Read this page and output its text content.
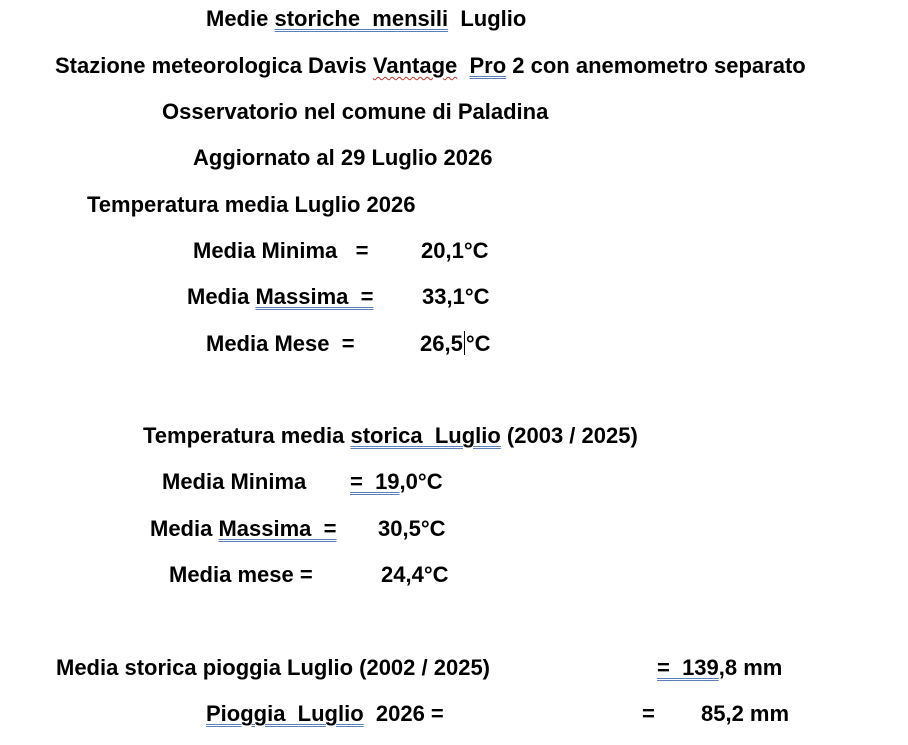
Medie storiche  mensili  Luglio
Stazione meteorologica Davis Vantage Pro 2 con anemometro separato
Osservatorio nel comune di Paladina
Aggiornato al 29 Luglio 2026
Temperatura media Luglio 2026
Media Minima   = 20,1°C
Media Massima  = 33,1°C
Media Mese  =	26,5 °C
Temperatura media storica  Luglio (2003 / 2025)
Media Minima =  19,0°C
Media Massima  = 30,5°C
Media mese =	24,4°C
Media storica pioggia Luglio (2002 / 2025)	=  139,8 mm
Pioggia  Luglio  2026 =	= 85,2 mm
